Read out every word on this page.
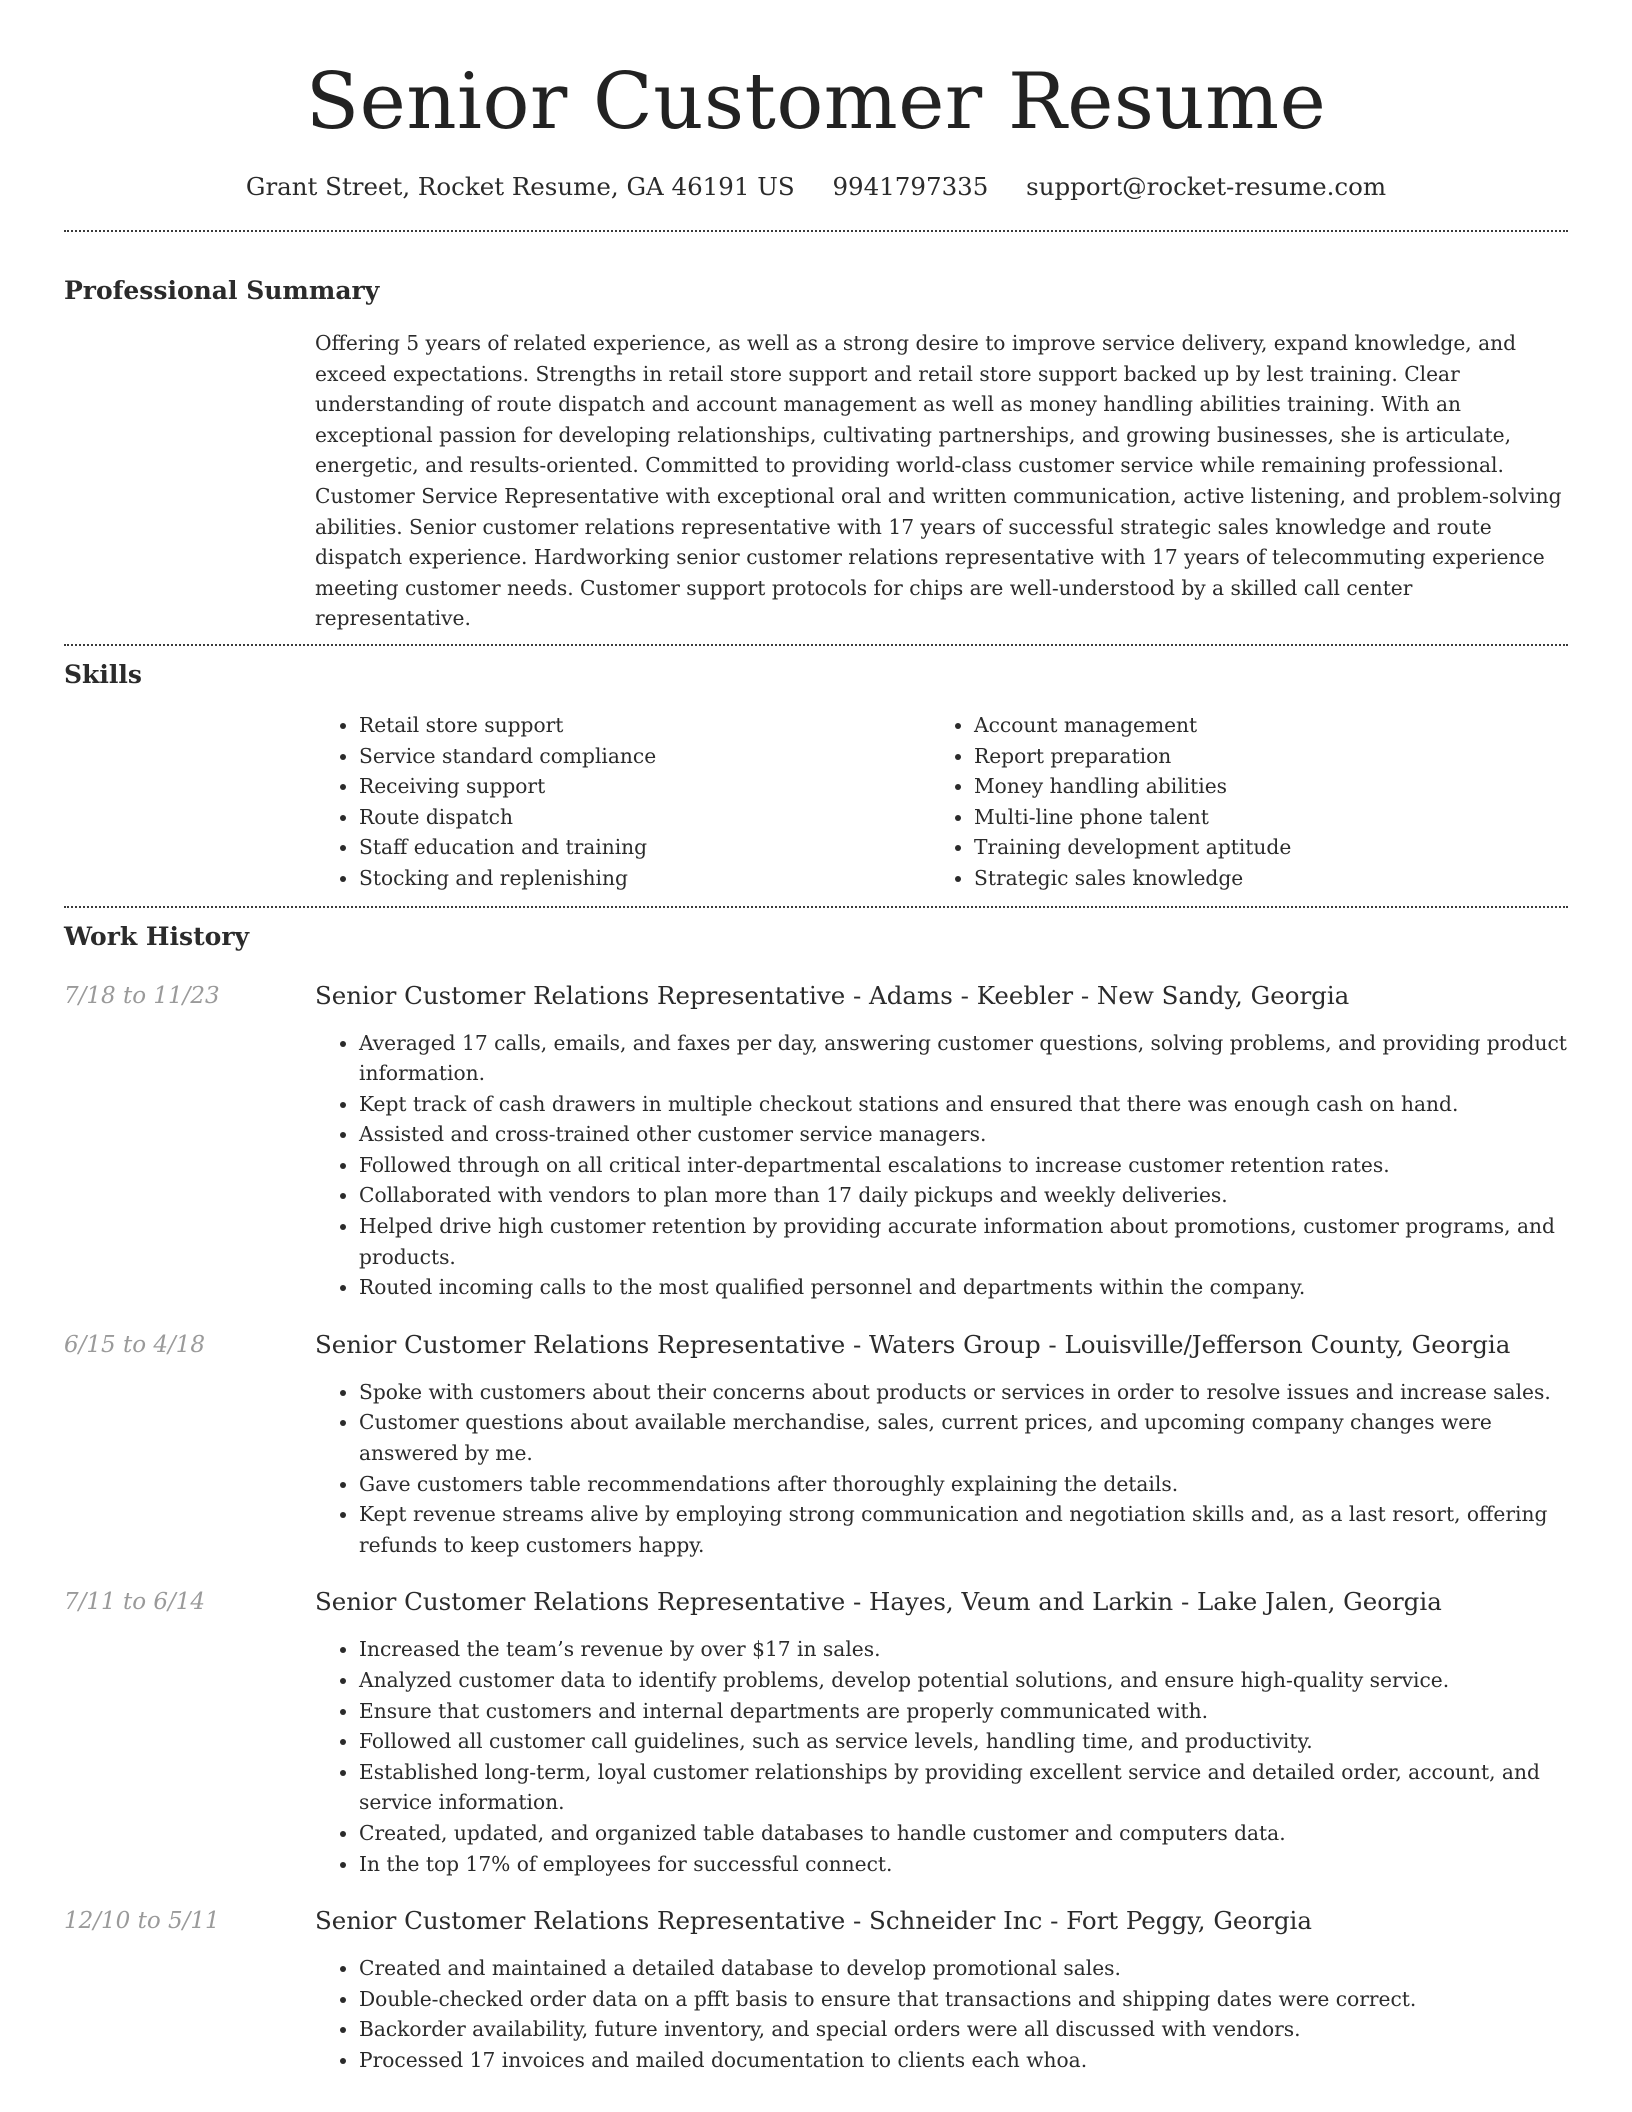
Senior Customer Resume
Grant Street, Rocket Resume, GA 46191 US 9941797335 support@rocket-resume.com
Professional Summary
Offering 5 years of related experience, as well as a strong desire to improve service delivery, expand knowledge, and exceed expectations. Strengths in retail store support and retail store support backed up by lest training. Clear understanding of route dispatch and account management as well as money handling abilities training. With an exceptional passion for developing relationships, cultivating partnerships, and growing businesses, she is articulate, energetic, and results-oriented. Committed to providing world-class customer service while remaining professional. Customer Service Representative with exceptional oral and written communication, active listening, and problem-solving abilities. Senior customer relations representative with 17 years of successful strategic sales knowledge and route dispatch experience. Hardworking senior customer relations representative with 17 years of telecommuting experience meeting customer needs. Customer support protocols for chips are well-understood by a skilled call center representative.
Skills
• Retail store support
• Service standard compliance
• Receiving support
• Route dispatch
• Staff education and training
• Stocking and replenishing
• Account management
• Report preparation
• Money handling abilities
• Multi-line phone talent
• Training development aptitude
• Strategic sales knowledge
Work History
7/18 to 11/23	Senior Customer Relations Representative - Adams - Keebler - New Sandy, Georgia
• Averaged 17 calls, emails, and faxes per day, answering customer questions, solving problems, and providing product information.
• Kept track of cash drawers in multiple checkout stations and ensured that there was enough cash on hand.
• Assisted and cross-trained other customer service managers.
• Followed through on all critical inter-departmental escalations to increase customer retention rates.
• Collaborated with vendors to plan more than 17 daily pickups and weekly deliveries.
• Helped drive high customer retention by providing accurate information about promotions, customer programs, and products.
• Routed incoming calls to the most qualified personnel and departments within the company.
6/15 to 4/18	Senior Customer Relations Representative - Waters Group - Louisville/Jefferson County, Georgia
• Spoke with customers about their concerns about products or services in order to resolve issues and increase sales.
• Customer questions about available merchandise, sales, current prices, and upcoming company changes were answered by me.
• Gave customers table recommendations after thoroughly explaining the details.
• Kept revenue streams alive by employing strong communication and negotiation skills and, as a last resort, offering refunds to keep customers happy.
7/11 to 6/14	Senior Customer Relations Representative - Hayes, Veum and Larkin - Lake Jalen, Georgia
• Increased the team’s revenue by over $17 in sales.
• Analyzed customer data to identify problems, develop potential solutions, and ensure high-quality service.
• Ensure that customers and internal departments are properly communicated with.
• Followed all customer call guidelines, such as service levels, handling time, and productivity.
• Established long-term, loyal customer relationships by providing excellent service and detailed order, account, and service information.
• Created, updated, and organized table databases to handle customer and computers data.
• In the top 17% of employees for successful connect.
12/10 to 5/11	Senior Customer Relations Representative - Schneider Inc - Fort Peggy, Georgia
• Created and maintained a detailed database to develop promotional sales.
• Double-checked order data on a pfft basis to ensure that transactions and shipping dates were correct.
• Backorder availability, future inventory, and special orders were all discussed with vendors.
• Processed 17 invoices and mailed documentation to clients each whoa.
